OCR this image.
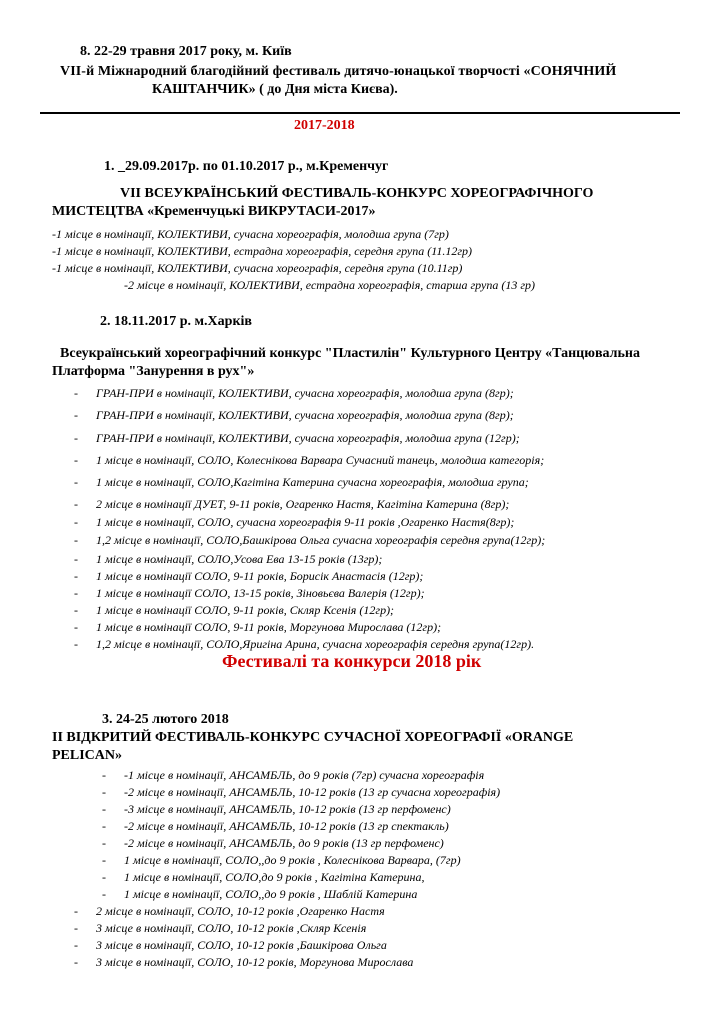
8. 22-29 травня 2017 року, м. Київ
VІІ-й Міжнародний благодійний фестиваль дитячо-юнацької творчості «СОНЯЧНИЙ
КАШТАНЧИК» ( до Дня міста Києва).
2017-2018
1. _29.09.2017р. по 01.10.2017 р., м.Кременчуг
VII ВСЕУКРАЇНСЬКИЙ ФЕСТИВАЛЬ-КОНКУРС ХОРЕОГРАФІЧНОГО
МИСТЕЦТВА «Кременчуцькі ВИКРУТАСИ-2017»
-1 місце в номінації, КОЛЕКТИВИ, сучасна хореографія, молодша група (7гр)
-1 місце в номінації, КОЛЕКТИВИ, естрадна хореографія, середня група (11.12гр)
-1 місце в номінації, КОЛЕКТИВИ, сучасна хореографія, середня група (10.11гр)
-2 місце в номінації, КОЛЕКТИВИ, естрадна хореографія, старша група (13 гр)
2. 18.11.2017 р. м.Харків
Всеукраїнський хореографічний конкурс "Пластилін" Культурного Центру «Танцювальна
Платформа "Занурення в рух"»
- ГРАН-ПРИ в номінації, КОЛЕКТИВИ, сучасна хореографія, молодша група (8гр);
- ГРАН-ПРИ в номінації, КОЛЕКТИВИ, сучасна хореографія, молодша група (8гр);
- ГРАН-ПРИ в номінації, КОЛЕКТИВИ, сучасна хореографія, молодша група (12гр);
- 1 місце в номінації, СОЛО, Колеснікова Варвара Сучасний танець, молодша категорія;
- 1 місце в номінації, СОЛО,Кагітіна Катерина сучасна хореографія, молодша група;
- 2 місце в номінації ДУЕТ, 9-11 років, Огаренко Настя, Кагітіна Катерина (8гр);
- 1 місце в номінації, СОЛО, сучасна хореографія 9-11 років ,Огаренко Настя(8гр);
- 1,2 місце в номінації, СОЛО,Башкірова Ольга сучасна хореографія середня група(12гр);
- 1 місце в номінації, СОЛО,Усова Ева 13-15 років (13гр);
- 1 місце в номінації СОЛО, 9-11 років, Борисік Анастасія (12гр);
- 1 місце в номінації СОЛО, 13-15 років, Зіновьєва Валерія (12гр);
- 1 місце в номінації СОЛО, 9-11 років, Скляр Ксенія (12гр);
- 1 місце в номінації СОЛО, 9-11 років, Моргунова Мирослава (12гр);
- 1,2 місце в номінації, СОЛО,Яригіна Арина, сучасна хореографія середня група(12гр).
Фестивалі та конкурси 2018 рік
3. 24-25 лютого 2018
ІІ ВІДКРИТИЙ ФЕСТИВАЛЬ-КОНКУРС СУЧАСНОЇ ХОРЕОГРАФІЇ «ORANGE
PELICAN»
- -1 місце в номінації, АНСАМБЛЬ, до 9 років (7гр) сучасна хореографія
- -2 місце в номінації, АНСАМБЛЬ, 10-12 років (13 гр сучасна хореографія)
- -3 місце в номінації, АНСАМБЛЬ, 10-12 років (13 гр перфоменс)
- -2 місце в номінації, АНСАМБЛЬ, 10-12 років (13 гр спектакль)
- -2 місце в номінації, АНСАМБЛЬ, до 9 років (13 гр перфоменс)
- 1 місце в номінації, СОЛО,,до 9 років , Колеснікова Варвара, (7гр)
- 1 місце в номінації, СОЛО,до 9 років , Кагітіна Катерина,
- 1 місце в номінації, СОЛО,,до 9 років , Шаблій Катерина
- 2 місце в номінації, СОЛО, 10-12 років ,Огаренко Настя
- 3 місце в номінації, СОЛО, 10-12 років ,Скляр Ксенія
- 3 місце в номінації, СОЛО, 10-12 років ,Башкірова Ольга
- 3 місце в номінації, СОЛО, 10-12 років, Моргунова Мирослава
